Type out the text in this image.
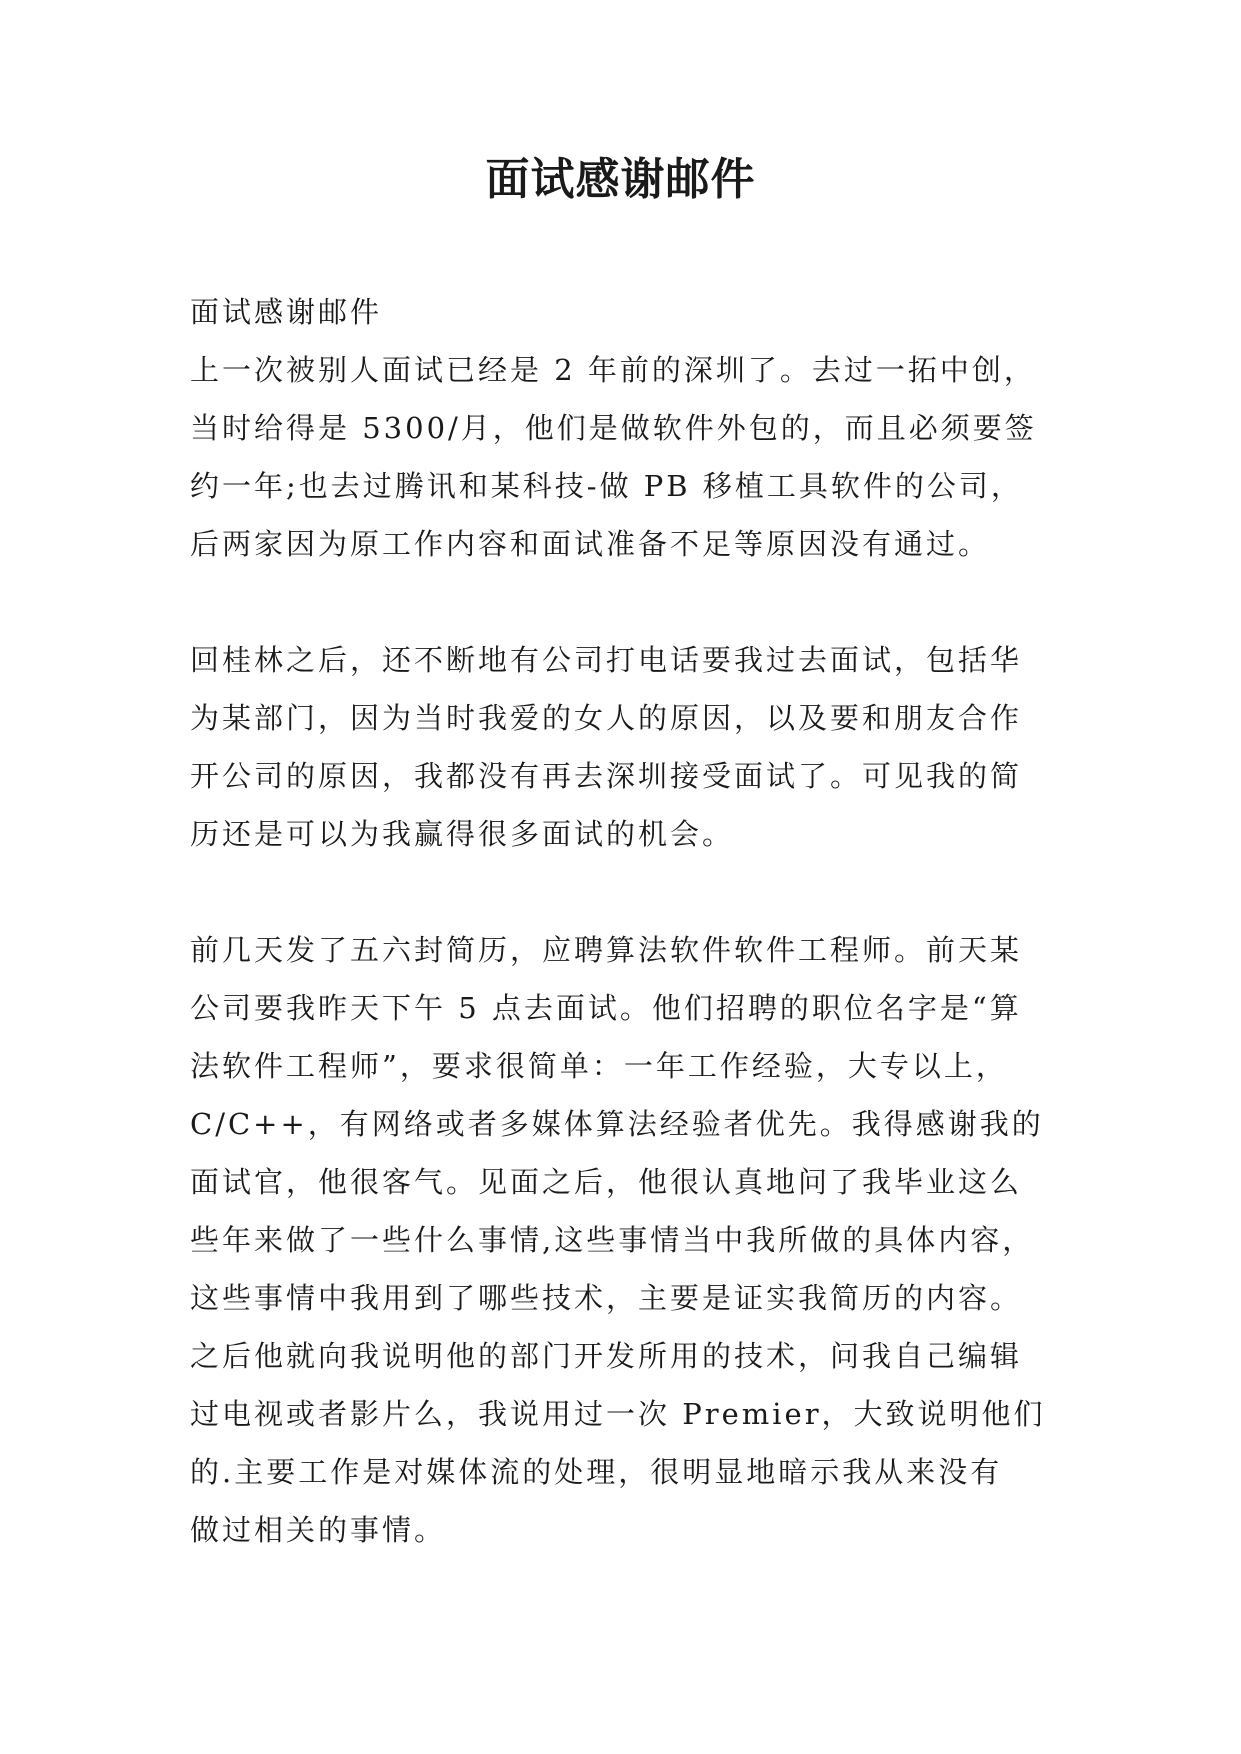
面试感谢邮件
面试感谢邮件
上一次被别人面试已经是 2 年前的深圳了。去过一拓中创，
当时给得是 5300/月，他们是做软件外包的，而且必须要签
约一年;也去过腾讯和某科技-做 PB 移植工具软件的公司，
后两家因为原工作内容和面试准备不足等原因没有通过。
回桂林之后，还不断地有公司打电话要我过去面试，包括华
为某部门，因为当时我爱的女人的原因，以及要和朋友合作
开公司的原因，我都没有再去深圳接受面试了。可见我的简
历还是可以为我赢得很多面试的机会。
前几天发了五六封简历，应聘算法软件软件工程师。前天某
公司要我昨天下午 5 点去面试。他们招聘的职位名字是“算
法软件工程师”，要求很简单：一年工作经验，大专以上，
C/C++，有网络或者多媒体算法经验者优先。我得感谢我的
面试官，他很客气。见面之后，他很认真地问了我毕业这么
些年来做了一些什么事情,这些事情当中我所做的具体内容，
这些事情中我用到了哪些技术，主要是证实我简历的内容。
之后他就向我说明他的部门开发所用的技术，问我自己编辑
过电视或者影片么，我说用过一次 Premier，大致说明他们
的.主要工作是对媒体流的处理，很明显地暗示我从来没有
做过相关的事情。
